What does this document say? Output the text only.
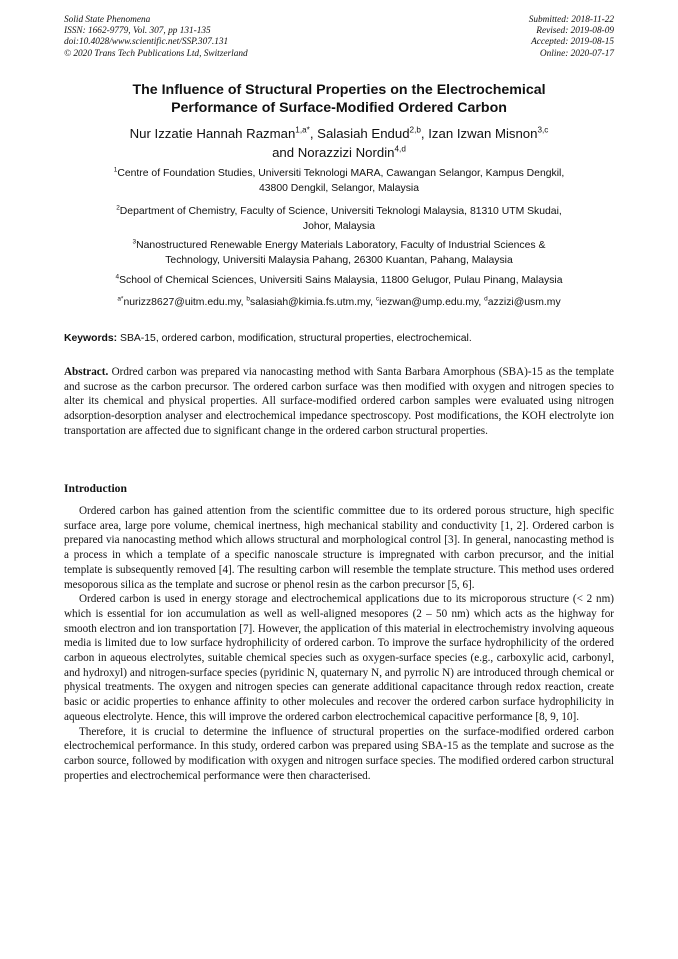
Solid State Phenomena
ISSN: 1662-9779, Vol. 307, pp 131-135
doi:10.4028/www.scientific.net/SSP.307.131
© 2020 Trans Tech Publications Ltd, Switzerland
Submitted: 2018-11-22
Revised: 2019-08-09
Accepted: 2019-08-15
Online: 2020-07-17
The Influence of Structural Properties on the Electrochemical
Performance of Surface-Modified Ordered Carbon
Nur Izzatie Hannah Razman$^{1,a*}$, Salasiah Endud$^{2,b}$, Izan Izwan Misnon$^{3,c}$
and Norazzizi Nordin$^{4,d}$
$^1$Centre of Foundation Studies, Universiti Teknologi MARA, Cawangan Selangor, Kampus Dengkil,
43800 Dengkil, Selangor, Malaysia
$^2$Department of Chemistry, Faculty of Science, Universiti Teknologi Malaysia, 81310 UTM Skudai,
Johor, Malaysia
$^3$Nanostructured Renewable Energy Materials Laboratory, Faculty of Industrial Sciences &
Technology, Universiti Malaysia Pahang, 26300 Kuantan, Pahang, Malaysia
$^4$School of Chemical Sciences, Universiti Sains Malaysia, 11800 Gelugor, Pulau Pinang, Malaysia
$^{a*}$nurizz8627@uitm.edu.my, $^b$salasiah@kimia.fs.utm.my, $^c$iezwan@ump.edu.my, $^d$azzizi@usm.my
Keywords: SBA-15, ordered carbon, modification, structural properties, electrochemical.
Abstract. Ordred carbon was prepared via nanocasting method with Santa Barbara Amorphous (SBA)-15 as the template and sucrose as the carbon precursor. The ordered carbon surface was then modified with oxygen and nitrogen species to alter its chemical and physical properties. All surface-modified ordered carbon samples were evaluated using nitrogen adsorption-desorption analyser and electrochemical impedance spectroscopy. Post modifications, the KOH electrolyte ion transportation are affected due to significant change in the ordered carbon structural properties.
Introduction

Ordered carbon has gained attention from the scientific committee due to its ordered porous structure, high specific surface area, large pore volume, chemical inertness, high mechanical stability and conductivity [1, 2]. Ordered carbon is prepared via nanocasting method which allows structural and morphological control [3]. In general, nanocasting method is a process in which a template of a specific nanoscale structure is impregnated with carbon precursor, and the initial template is subsequently removed [4]. The resulting carbon will resemble the template structure. This method uses ordered mesoporous silica as the template and sucrose or phenol resin as the carbon precursor [5, 6].

Ordered carbon is used in energy storage and electrochemical applications due to its microporous structure (< 2 nm) which is essential for ion accumulation as well as well-aligned mesopores (2 – 50 nm) which acts as the highway for smooth electron and ion transportation [7]. However, the application of this material in electrochemistry involving aqueous media is limited due to low surface hydrophilicity of ordered carbon. To improve the surface hydrophilicity of the ordered carbon in aqueous electrolytes, suitable chemical species such as oxygen-surface species (e.g., carboxylic acid, carbonyl, and hydroxyl) and nitrogen-surface species (pyridinic N, quaternary N, and pyrrolic N) are introduced through chemical or physical treatments. The oxygen and nitrogen species can generate additional capacitance through redox reaction, create basic or acidic properties to enhance affinity to other molecules and recover the ordered carbon surface hydrophilicity in aqueous electrolyte. Hence, this will improve the ordered carbon electrochemical capacitive performance [8, 9, 10].

Therefore, it is crucial to determine the influence of structural properties on the surface-modified ordered carbon electrochemical performance. In this study, ordered carbon was prepared using SBA-15 as the template and sucrose as the carbon source, followed by modification with oxygen and nitrogen surface species. The modified ordered carbon structural properties and electrochemical performance were then characterised.
